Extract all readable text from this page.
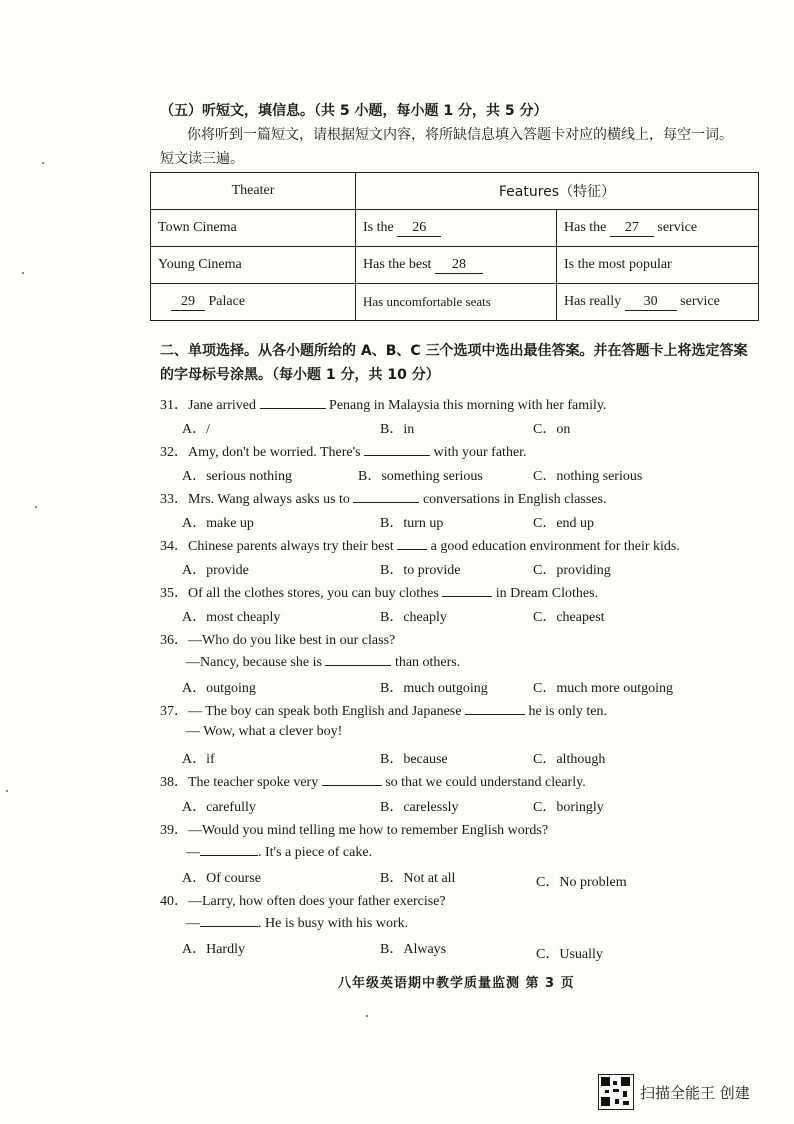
（五）听短文，填信息。（共 5 小题，每小题 1 分，共 5 分）
你将听到一篇短文，请根据短文内容，将所缺信息填入答题卡对应的横线上，每空一词。
短文读三遍。
Theater	Features（特征）	
Town Cinema	Is the 26	Has the 27 service
Young Cinema	Has the best 28	Is the most popular
29 Palace	Has uncomfortable seats	Has really 30 service
二、单项选择。从各小题所给的 A、B、C 三个选项中选出最佳答案。并在答题卡上将选定答案
的字母标号涂黑。（每小题 1 分，共 10 分）
31．Jane arrived	Penang in Malaysia this morning with her family.
A．/	B．in	C．on
32．Amy, don't be worried. There's	with your father.
A．serious nothing	B．something serious	C．nothing serious
33．Mrs. Wang always asks us to	conversations in English classes.
A．make up	B．turn up	C．end up
34．Chinese parents always try their best	a good education environment for their kids.
A．provide	B．to provide	C．providing
35．Of all the clothes stores, you can buy clothes	in Dream Clothes.
A．most cheaply	B．cheaply	C．cheapest
36．—Who do you like best in our class?
—Nancy, because she is	than others.
A．outgoing	B．much outgoing	C．much more outgoing
37．— The boy can speak both English and Japanese	he is only ten.
— Wow, what a clever boy!
A．if	B．because	C．although
38．The teacher spoke very	so that we could understand clearly.
A．carefully	B．carelessly	C．boringly
39．—Would you mind telling me how to remember English words?
—	. It's a piece of cake.
A．Of course	B．Not at all	C．No problem
40．—Larry, how often does your father exercise?
—	. He is busy with his work.
A．Hardly	B．Always	C．Usually
八年级英语期中教学质量监测 第 3 页
扫描全能王 创建
